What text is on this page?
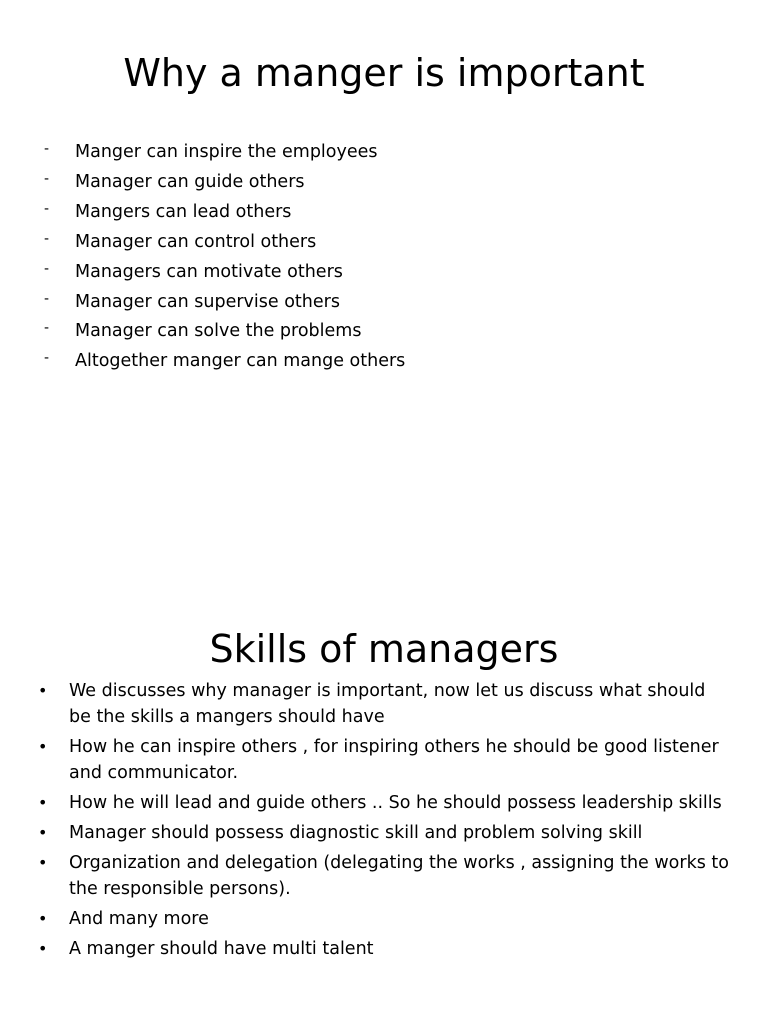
Why a manger is important
- Manger can inspire the employees
- Manager can guide others
- Mangers can lead others
- Manager can control others
- Managers can motivate others
- Manager can supervise others
- Manager can solve the problems
- Altogether manger can mange others
Skills of managers
• We discusses why manager is important, now let us discuss what should be the skills a mangers should have
• How he can inspire others , for inspiring others he should be good listener and communicator.
• How he will lead and guide others .. So he should possess leadership skills
• Manager should possess diagnostic skill and problem solving skill
• Organization and delegation (delegating the works , assigning the works to the responsible persons).
• And many more
• A manger should have multi talent
